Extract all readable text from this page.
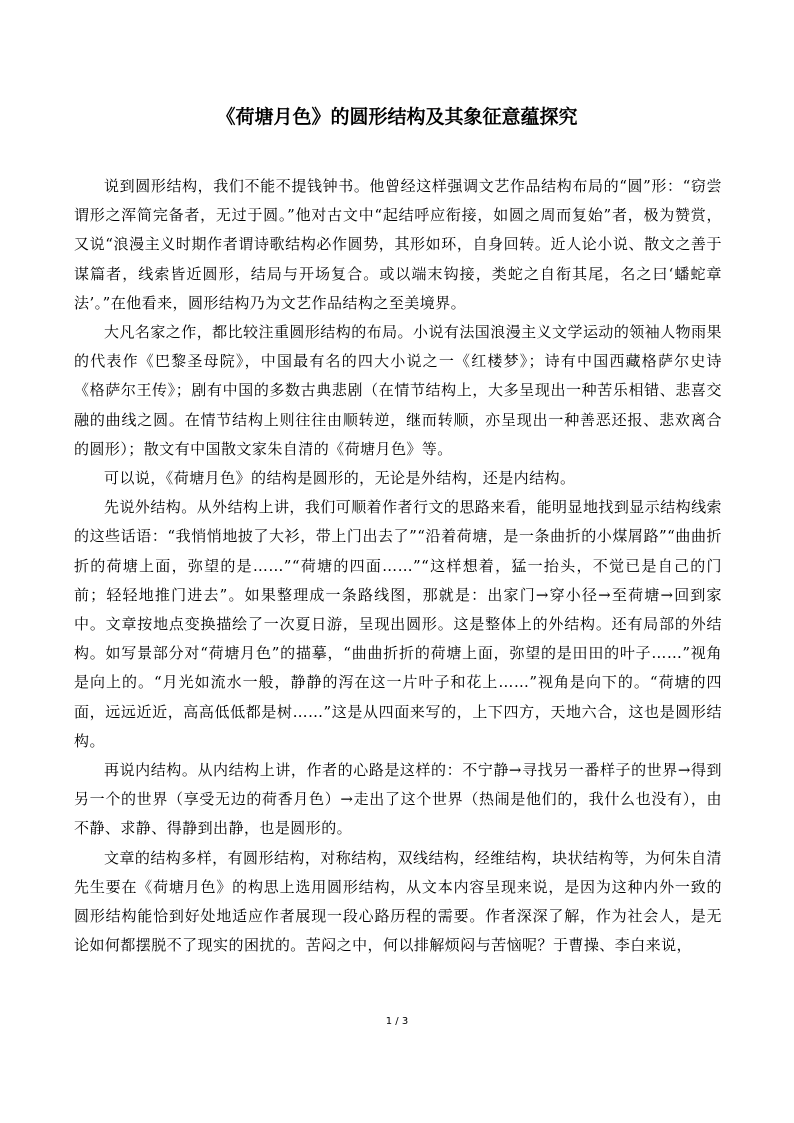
《荷塘月色》的圆形结构及其象征意蕴探究

说到圆形结构，我们不能不提钱钟书。他曾经这样强调文艺作品结构布局的“圆”形：“窃尝谓形之浑简完备者，无过于圆。”他对古文中“起结呼应衔接，如圆之周而复始”者，极为赞赏，又说“浪漫主义时期作者谓诗歌结构必作圆势，其形如环，自身回转。近人论小说、散文之善于谋篇者，线索皆近圆形，结局与开场复合。或以端末钩接，类蛇之自衔其尾，名之曰‘蟠蛇章法’。”在他看来，圆形结构乃为文艺作品结构之至美境界。

大凡名家之作，都比较注重圆形结构的布局。小说有法国浪漫主义文学运动的领袖人物雨果的代表作《巴黎圣母院》，中国最有名的四大小说之一《红楼梦》；诗有中国西藏格萨尔史诗《格萨尔王传》；剧有中国的多数古典悲剧（在情节结构上，大多呈现出一种苦乐相错、悲喜交融的曲线之圆。在情节结构上则往往由顺转逆，继而转顺，亦呈现出一种善恶还报、悲欢离合的圆形）；散文有中国散文家朱自清的《荷塘月色》等。

可以说，《荷塘月色》的结构是圆形的，无论是外结构，还是内结构。

先说外结构。从外结构上讲，我们可顺着作者行文的思路来看，能明显地找到显示结构线索的这些话语：“我悄悄地披了大衫，带上门出去了”“沿着荷塘，是一条曲折的小煤屑路”“曲曲折折的荷塘上面，弥望的是……”“荷塘的四面……”“这样想着，猛一抬头，不觉已是自己的门前；轻轻地推门进去”。如果整理成一条路线图，那就是：出家门→穿小径→至荷塘→回到家中。文章按地点变换描绘了一次夏日游，呈现出圆形。这是整体上的外结构。还有局部的外结构。如写景部分对“荷塘月色”的描摹，“曲曲折折的荷塘上面，弥望的是田田的叶子……”视角是向上的。“月光如流水一般，静静的泻在这一片叶子和花上……”视角是向下的。“荷塘的四面，远远近近，高高低低都是树……”这是从四面来写的，上下四方，天地六合，这也是圆形结构。

再说内结构。从内结构上讲，作者的心路是这样的：不宁静→寻找另一番样子的世界→得到另一个的世界（享受无边的荷香月色）→走出了这个世界（热闹是他们的，我什么也没有），由不静、求静、得静到出静，也是圆形的。

文章的结构多样，有圆形结构，对称结构，双线结构，经维结构，块状结构等，为何朱自清先生要在《荷塘月色》的构思上选用圆形结构，从文本内容呈现来说，是因为这种内外一致的圆形结构能恰到好处地适应作者展现一段心路历程的需要。作者深深了解，作为社会人，是无论如何都摆脱不了现实的困扰的。苦闷之中，何以排解烦闷与苦恼呢？于曹操、李白来说，

1 / 3
